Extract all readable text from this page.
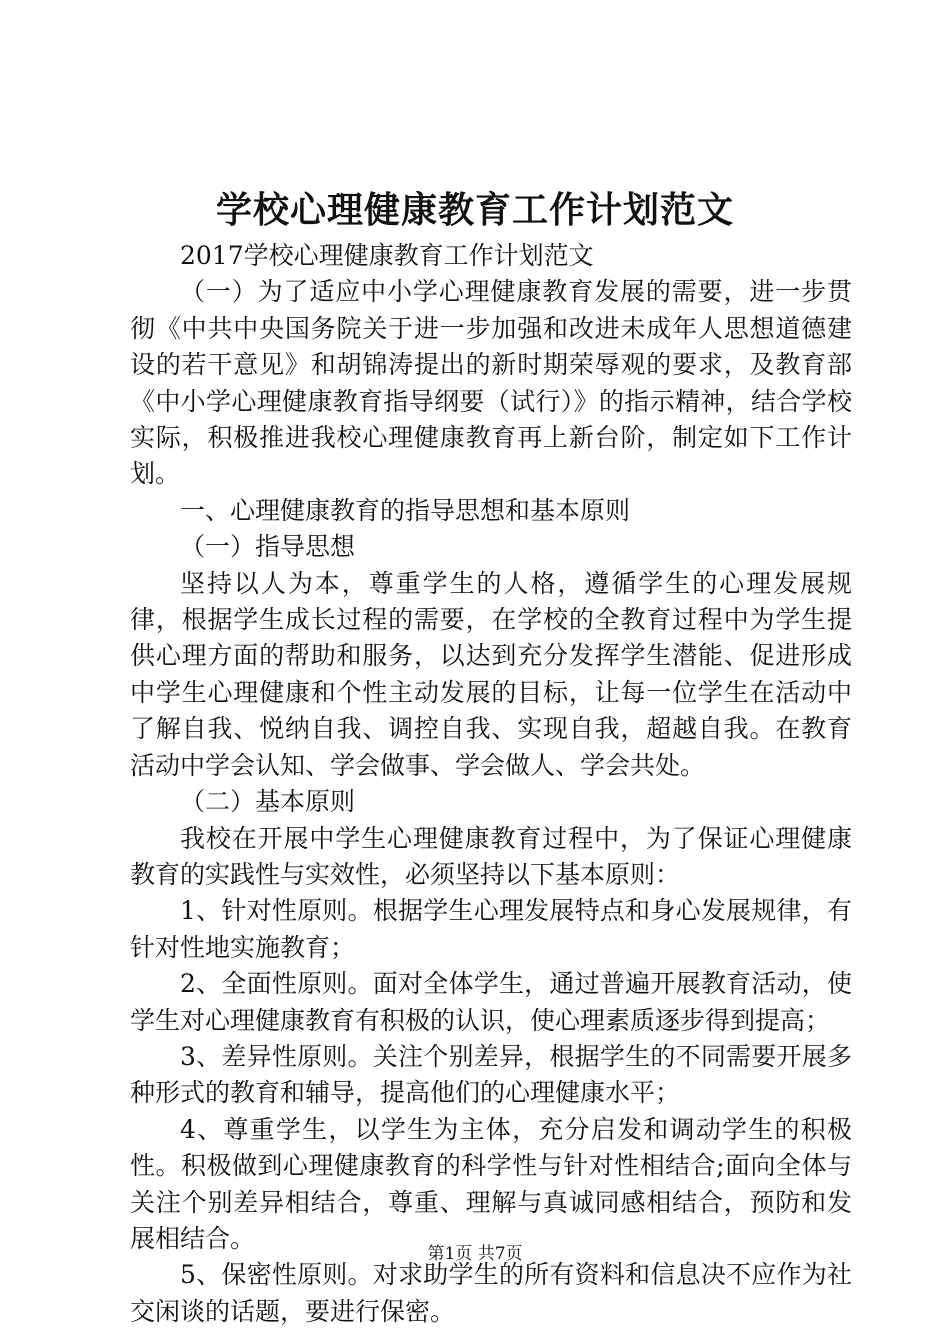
学校心理健康教育工作计划范文

2017学校心理健康教育工作计划范文

（一）为了适应中小学心理健康教育发展的需要，进一步贯彻《中共中央国务院关于进一步加强和改进未成年人思想道德建设的若干意见》和胡锦涛提出的新时期荣辱观的要求，及教育部《中小学心理健康教育指导纲要（试行）》的指示精神，结合学校实际，积极推进我校心理健康教育再上新台阶，制定如下工作计划。

一、心理健康教育的指导思想和基本原则

（一）指导思想

坚持以人为本，尊重学生的人格，遵循学生的心理发展规律，根据学生成长过程的需要，在学校的全教育过程中为学生提供心理方面的帮助和服务，以达到充分发挥学生潜能、促进形成中学生心理健康和个性主动发展的目标，让每一位学生在活动中了解自我、悦纳自我、调控自我、实现自我，超越自我。在教育活动中学会认知、学会做事、学会做人、学会共处。

（二）基本原则

我校在开展中学生心理健康教育过程中，为了保证心理健康教育的实践性与实效性，必须坚持以下基本原则：

1、针对性原则。根据学生心理发展特点和身心发展规律，有针对性地实施教育；

2、全面性原则。面对全体学生，通过普遍开展教育活动，使学生对心理健康教育有积极的认识，使心理素质逐步得到提高；

3、差异性原则。关注个别差异，根据学生的不同需要开展多种形式的教育和辅导，提高他们的心理健康水平；

4、尊重学生，以学生为主体，充分启发和调动学生的积极性。积极做到心理健康教育的科学性与针对性相结合;面向全体与关注个别差异相结合，尊重、理解与真诚同感相结合，预防和发展相结合。

5、保密性原则。对求助学生的所有资料和信息决不应作为社交闲谈的话题，要进行保密。

第1页 共7页
